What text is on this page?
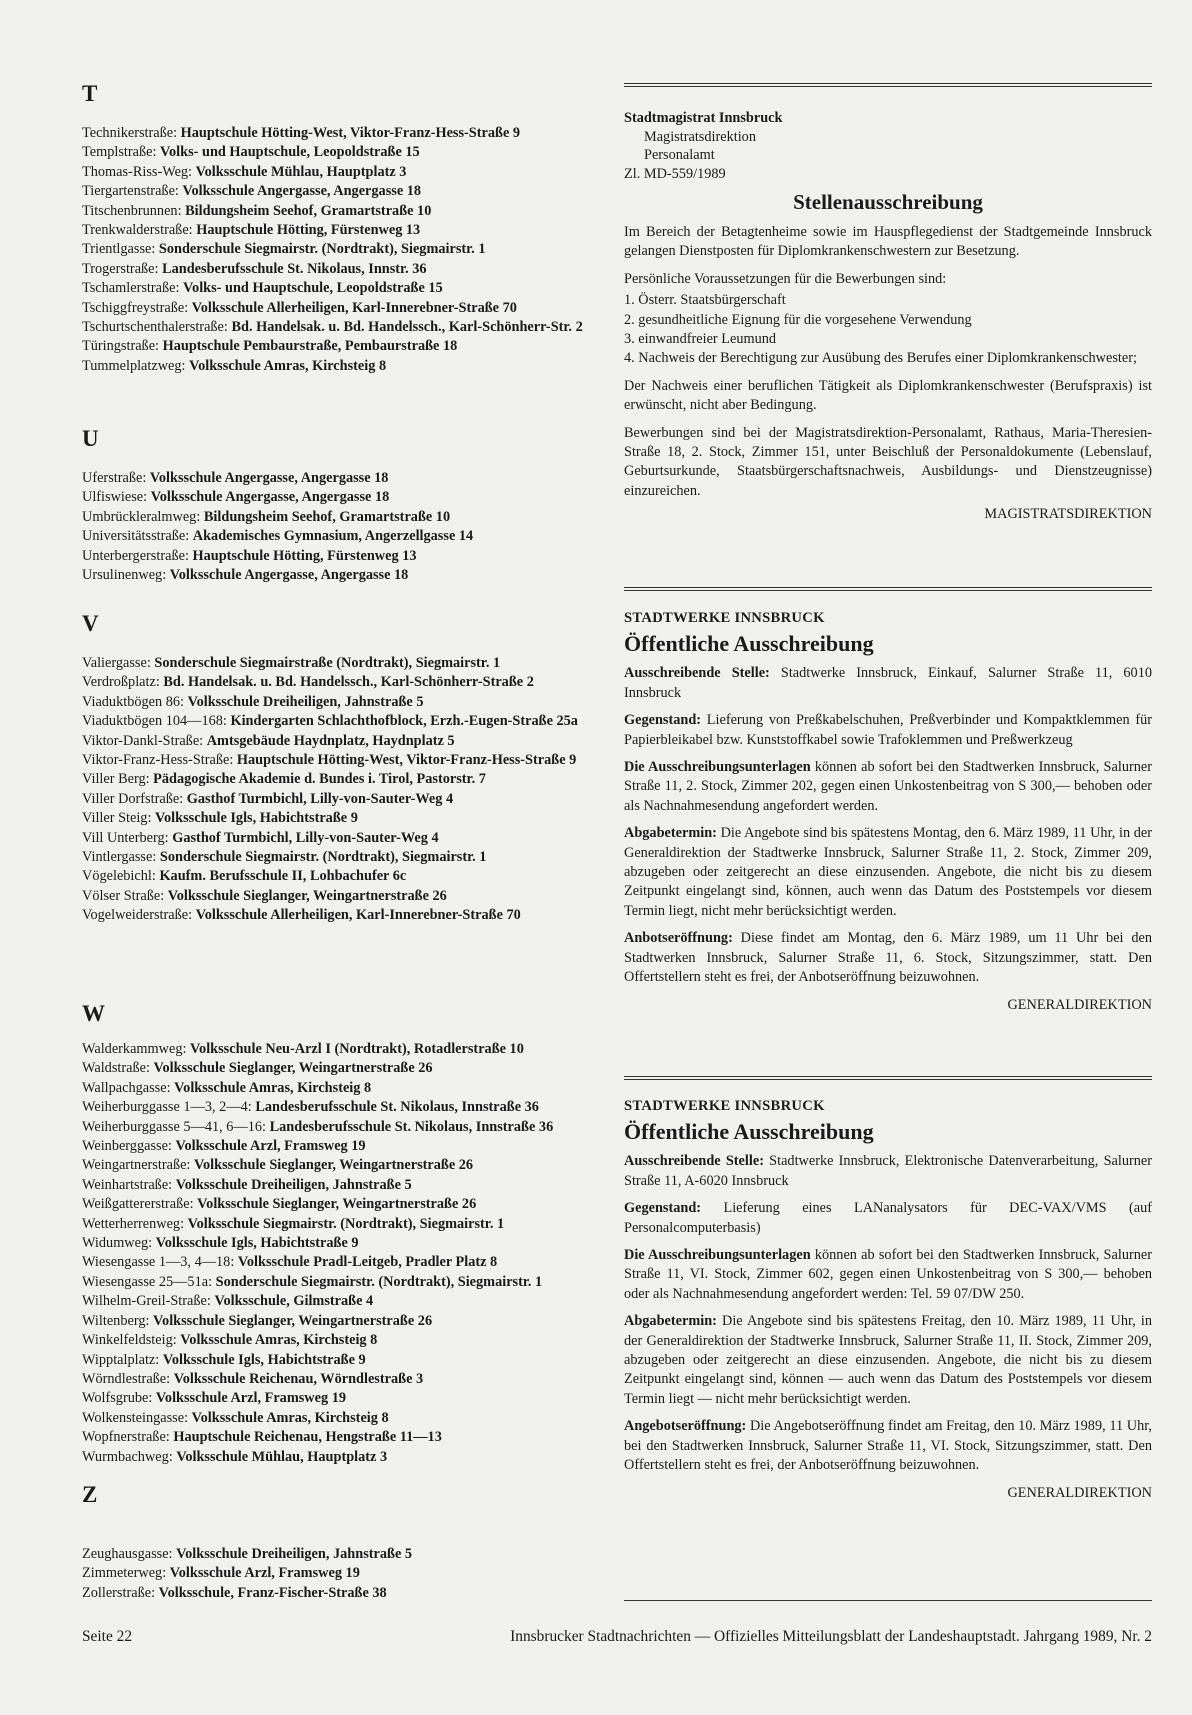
T
Technikerstraße: Hauptschule Hötting-West, Viktor-Franz-Hess-Straße 9
Templstraße: Volks- und Hauptschule, Leopoldstraße 15
Thomas-Riss-Weg: Volksschule Mühlau, Hauptplatz 3
Tiergartenstraße: Volksschule Angergasse, Angergasse 18
Titschenbrunnen: Bildungsheim Seehof, Gramartstraße 10
Trenkwalderstraße: Hauptschule Hötting, Fürstenweg 13
Trientlgasse: Sonderschule Siegmairstr. (Nordtrakt), Siegmairstr. 1
Trogerstraße: Landesberufsschule St. Nikolaus, Innstr. 36
Tschamlerstraße: Volks- und Hauptschule, Leopoldstraße 15
Tschiggfreystraße: Volksschule Allerheiligen, Karl-Innerebner-Straße 70
Tschurtschenthalerstraße: Bd. Handelsak. u. Bd. Handelssch., Karl-Schönherr-Str. 2
Türingstraße: Hauptschule Pembaurstraße, Pembaurstraße 18
Tummelplatzweg: Volksschule Amras, Kirchsteig 8
U
Uferstraße: Volksschule Angergasse, Angergasse 18
Ulfiswiese: Volksschule Angergasse, Angergasse 18
Umbrückleralmweg: Bildungsheim Seehof, Gramartstraße 10
Universitätsstraße: Akademisches Gymnasium, Angerzellgasse 14
Unterbergerstraße: Hauptschule Hötting, Fürstenweg 13
Ursulinenweg: Volksschule Angergasse, Angergasse 18
V
Valiergasse: Sonderschule Siegmairstraße (Nordtrakt), Siegmairstr. 1
Verdroßplatz: Bd. Handelsak. u. Bd. Handelssch., Karl-Schönherr-Straße 2
Viaduktbögen 86: Volksschule Dreiheiligen, Jahnstraße 5
Viaduktbögen 104—168: Kindergarten Schlachthofblock, Erzh.-Eugen-Straße 25a
Viktor-Dankl-Straße: Amtsgebäude Haydnplatz, Haydnplatz 5
Viktor-Franz-Hess-Straße: Hauptschule Hötting-West, Viktor-Franz-Hess-Straße 9
Viller Berg: Pädagogische Akademie d. Bundes i. Tirol, Pastorstr. 7
Viller Dorfstraße: Gasthof Turmbichl, Lilly-von-Sauter-Weg 4
Viller Steig: Volksschule Igls, Habichtstraße 9
Vill Unterberg: Gasthof Turmbichl, Lilly-von-Sauter-Weg 4
Vintlergasse: Sonderschule Siegmairstr. (Nordtrakt), Siegmairstr. 1
Vögelebichl: Kaufm. Berufsschule II, Lohbachufer 6c
Völser Straße: Volksschule Sieglanger, Weingartnerstraße 26
Vogelweiderstraße: Volksschule Allerheiligen, Karl-Innerebner-Straße 70
W
Walderkammweg: Volksschule Neu-Arzl I (Nordtrakt), Rotadlerstraße 10
Waldstraße: Volksschule Sieglanger, Weingartnerstraße 26
Wallpachgasse: Volksschule Amras, Kirchsteig 8
Weiherburggasse 1—3, 2—4: Landesberufsschule St. Nikolaus, Innstraße 36
Weiherburggasse 5—41, 6—16: Landesberufsschule St. Nikolaus, Innstraße 36
Weinberggasse: Volksschule Arzl, Framsweg 19
Weingartnerstraße: Volksschule Sieglanger, Weingartnerstraße 26
Weinhartstraße: Volksschule Dreiheiligen, Jahnstraße 5
Weißgattererstraße: Volksschule Sieglanger, Weingartnerstraße 26
Wetterherrenweg: Volksschule Siegmairstr. (Nordtrakt), Siegmairstr. 1
Widumweg: Volksschule Igls, Habichtstraße 9
Wiesengasse 1—3, 4—18: Volksschule Pradl-Leitgeb, Pradler Platz 8
Wiesengasse 25—51a: Sonderschule Siegmairstr. (Nordtrakt), Siegmairstr. 1
Wilhelm-Greil-Straße: Volksschule, Gilmstraße 4
Wiltenberg: Volksschule Sieglanger, Weingartnerstraße 26
Winkelfeldsteig: Volksschule Amras, Kirchsteig 8
Wipptalplatz: Volksschule Igls, Habichtstraße 9
Wörndlestraße: Volksschule Reichenau, Wörndlestraße 3
Wolfsgrube: Volksschule Arzl, Framsweg 19
Wolkensteingasse: Volksschule Amras, Kirchsteig 8
Wopfnerstraße: Hauptschule Reichenau, Hengstraße 11—13
Wurmbachweg: Volksschule Mühlau, Hauptplatz 3
Z
Zeughausgasse: Volksschule Dreiheiligen, Jahnstraße 5
Zimmeterweg: Volksschule Arzl, Framsweg 19
Zollerstraße: Volksschule, Franz-Fischer-Straße 38
Stadtmagistrat Innsbruck
Magistratsdirektion
Personalamt
Zl. MD-559/1989
Stellenausschreibung

Im Bereich der Betagtenheime sowie im Hauspflegedienst der Stadtgemeinde Innsbruck gelangen Dienstposten für Diplomkrankenschwestern zur Besetzung.

Persönliche Voraussetzungen für die Bewerbungen sind:

1. Österr. Staatsbürgerschaft
2. gesundheitliche Eignung für die vorgesehene Verwendung
3. einwandfreier Leumund
4. Nachweis der Berechtigung zur Ausübung des Berufes einer Diplomkrankenschwester;

Der Nachweis einer beruflichen Tätigkeit als Diplomkrankenschwester (Berufspraxis) ist erwünscht, nicht aber Bedingung.

Bewerbungen sind bei der Magistratsdirektion-Personalamt, Rathaus, Maria-Theresien-Straße 18, 2. Stock, Zimmer 151, unter Beischluß der Personaldokumente (Lebenslauf, Geburtsurkunde, Staatsbürgerschaftsnachweis, Ausbildungs- und Dienstzeugnisse) einzureichen.

MAGISTRATSDIREKTION
STADTWERKE INNSBRUCK
Öffentliche Ausschreibung

Ausschreibende Stelle: Stadtwerke Innsbruck, Einkauf, Salurner Straße 11, 6010 Innsbruck

Gegenstand: Lieferung von Preßkabelschuhen, Preßverbinder und Kompaktklemmen für Papierbleikabel bzw. Kunststoffkabel sowie Trafoklemmen und Preßwerkzeug

Die Ausschreibungsunterlagen können ab sofort bei den Stadtwerken Innsbruck, Salurner Straße 11, 2. Stock, Zimmer 202, gegen einen Unkostenbeitrag von S 300,— behoben oder als Nachnahmesendung angefordert werden.

Abgabetermin: Die Angebote sind bis spätestens Montag, den 6. März 1989, 11 Uhr, in der Generaldirektion der Stadtwerke Innsbruck, Salurner Straße 11, 2. Stock, Zimmer 209, abzugeben oder zeitgerecht an diese einzusenden. Angebote, die nicht bis zu diesem Zeitpunkt eingelangt sind, können, auch wenn das Datum des Poststempels vor diesem Termin liegt, nicht mehr berücksichtigt werden.

Anbotseröffnung: Diese findet am Montag, den 6. März 1989, um 11 Uhr bei den Stadtwerken Innsbruck, Salurner Straße 11, 6. Stock, Sitzungszimmer, statt. Den Offertstellern steht es frei, der Anbotseröffnung beizuwohnen.

GENERALDIREKTION
STADTWERKE INNSBRUCK
Öffentliche Ausschreibung

Ausschreibende Stelle: Stadtwerke Innsbruck, Elektronische Datenverarbeitung, Salurner Straße 11, A-6020 Innsbruck

Gegenstand: Lieferung eines LANanalysators für DEC-VAX/VMS (auf Personalcomputerbasis)

Die Ausschreibungsunterlagen können ab sofort bei den Stadtwerken Innsbruck, Salurner Straße 11, VI. Stock, Zimmer 602, gegen einen Unkostenbeitrag von S 300,— behoben oder als Nachnahmesendung angefordert werden: Tel. 59 07/DW 250.

Abgabetermin: Die Angebote sind bis spätestens Freitag, den 10. März 1989, 11 Uhr, in der Generaldirektion der Stadtwerke Innsbruck, Salurner Straße 11, II. Stock, Zimmer 209, abzugeben oder zeitgerecht an diese einzusenden. Angebote, die nicht bis zu diesem Zeitpunkt eingelangt sind, können — auch wenn das Datum des Poststempels vor diesem Termin liegt — nicht mehr berücksichtigt werden.

Angebotseröffnung: Die Angebotseröffnung findet am Freitag, den 10. März 1989, 11 Uhr, bei den Stadtwerken Innsbruck, Salurner Straße 11, VI. Stock, Sitzungszimmer, statt. Den Offertstellern steht es frei, der Anbotseröffnung beizuwohnen.

GENERALDIREKTION
Seite 22	Innsbrucker Stadtnachrichten — Offizielles Mitteilungsblatt der Landeshauptstadt. Jahrgang 1989, Nr. 2
